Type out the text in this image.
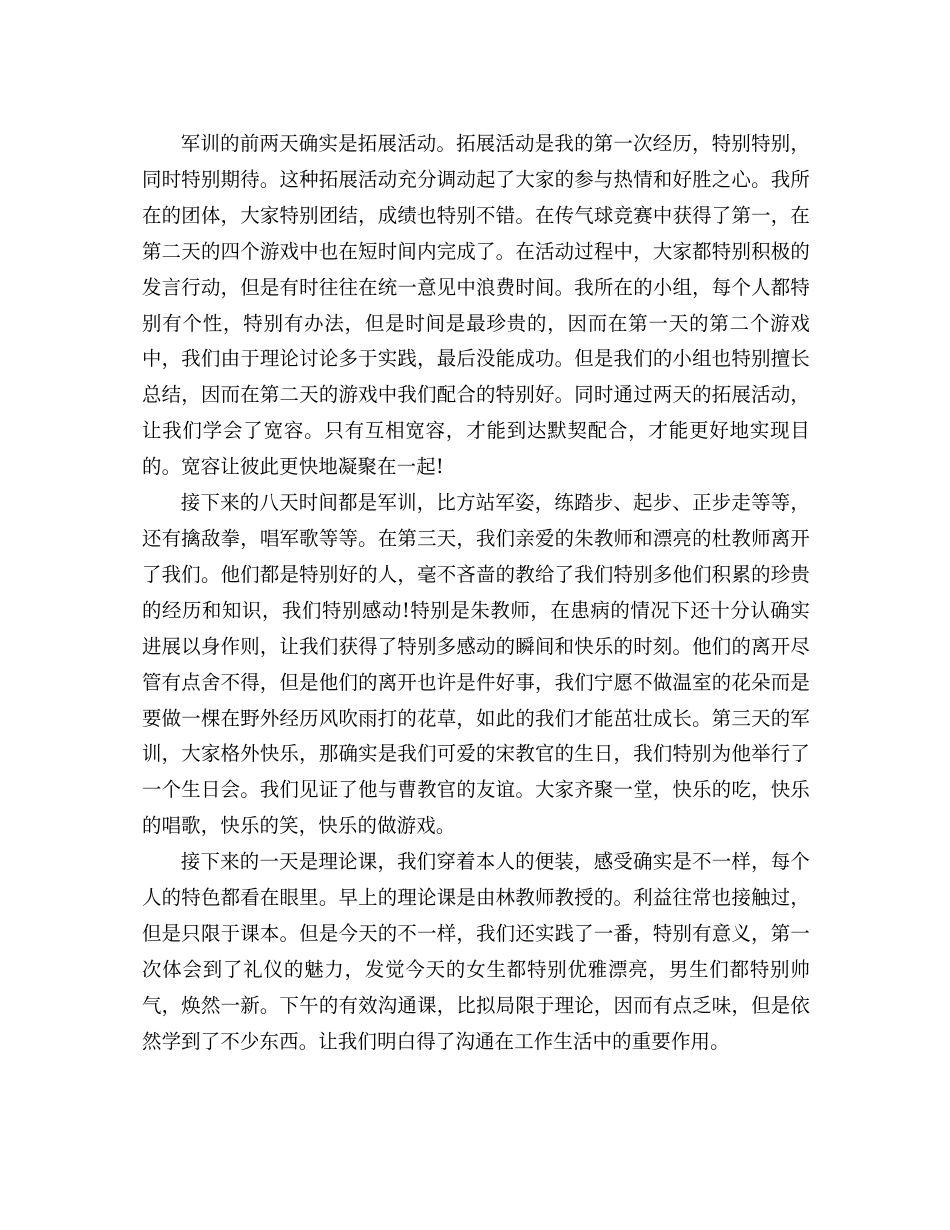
军训的前两天确实是拓展活动。拓展活动是我的第一次经历，特别特别，同时特别期待。这种拓展活动充分调动起了大家的参与热情和好胜之心。我所在的团体，大家特别团结，成绩也特别不错。在传气球竞赛中获得了第一，在第二天的四个游戏中也在短时间内完成了。在活动过程中，大家都特别积极的发言行动，但是有时往往在统一意见中浪费时间。我所在的小组，每个人都特别有个性，特别有办法，但是时间是最珍贵的，因而在第一天的第二个游戏中，我们由于理论讨论多于实践，最后没能成功。但是我们的小组也特别擅长总结，因而在第二天的游戏中我们配合的特别好。同时通过两天的拓展活动，让我们学会了宽容。只有互相宽容，才能到达默契配合，才能更好地实现目的。宽容让彼此更快地凝聚在一起!

接下来的八天时间都是军训，比方站军姿，练踏步、起步、正步走等等，还有擒敌拳，唱军歌等等。在第三天，我们亲爱的朱教师和漂亮的杜教师离开了我们。他们都是特别好的人，毫不吝啬的教给了我们特别多他们积累的珍贵的经历和知识，我们特别感动!特别是朱教师，在患病的情况下还十分认确实进展以身作则，让我们获得了特别多感动的瞬间和快乐的时刻。他们的离开尽管有点舍不得，但是他们的离开也许是件好事，我们宁愿不做温室的花朵而是要做一棵在野外经历风吹雨打的花草，如此的我们才能茁壮成长。第三天的军训，大家格外快乐，那确实是我们可爱的宋教官的生日，我们特别为他举行了一个生日会。我们见证了他与曹教官的友谊。大家齐聚一堂，快乐的吃，快乐的唱歌，快乐的笑，快乐的做游戏。

接下来的一天是理论课，我们穿着本人的便装，感受确实是不一样，每个人的特色都看在眼里。早上的理论课是由林教师教授的。利益往常也接触过，但是只限于课本。但是今天的不一样，我们还实践了一番，特别有意义，第一次体会到了礼仪的魅力，发觉今天的女生都特别优雅漂亮，男生们都特别帅气，焕然一新。下午的有效沟通课，比拟局限于理论，因而有点乏味，但是依然学到了不少东西。让我们明白得了沟通在工作生活中的重要作用。
